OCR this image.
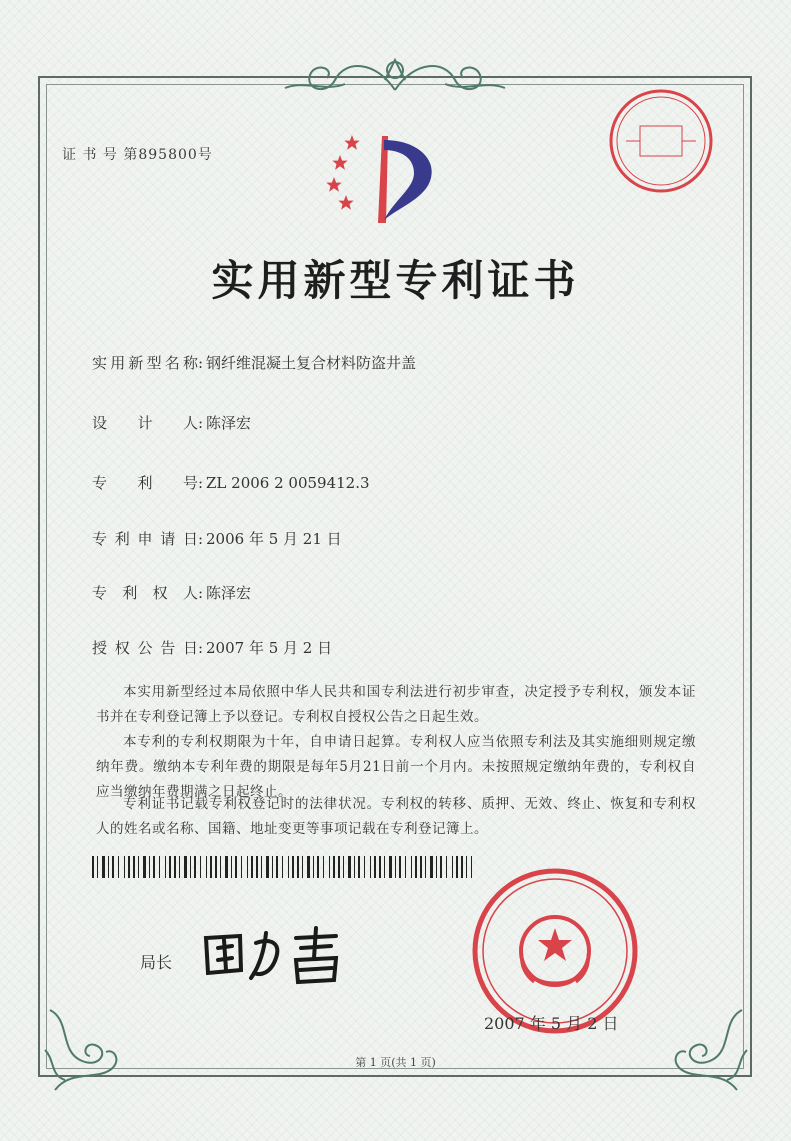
证 书 号 第895800号
实用新型专利证书
实用新型名称: 钢纤维混凝土复合材料防盗井盖
设 计 人: 陈泽宏
专 利 号: ZL 2006 2 0059412.3
专利申请日: 2006 年 5 月 21 日
专 利 权 人: 陈泽宏
授权公告日: 2007 年 5 月 2 日
本实用新型经过本局依照中华人民共和国专利法进行初步审查，决定授予专利权，颁发本证书并在专利登记簿上予以登记。专利权自授权公告之日起生效。
本专利的专利权期限为十年，自申请日起算。专利权人应当依照专利法及其实施细则规定缴纳年费。缴纳本专利年费的期限是每年5月21日前一个月内。未按照规定缴纳年费的，专利权自应当缴纳年费期满之日起终止。
专利证书记载专利权登记时的法律状况。专利权的转移、质押、无效、终止、恢复和专利权人的姓名或名称、国籍、地址变更等事项记载在专利登记簿上。
局长
2007 年 5 月 2 日
第 1 页(共 1 页)
